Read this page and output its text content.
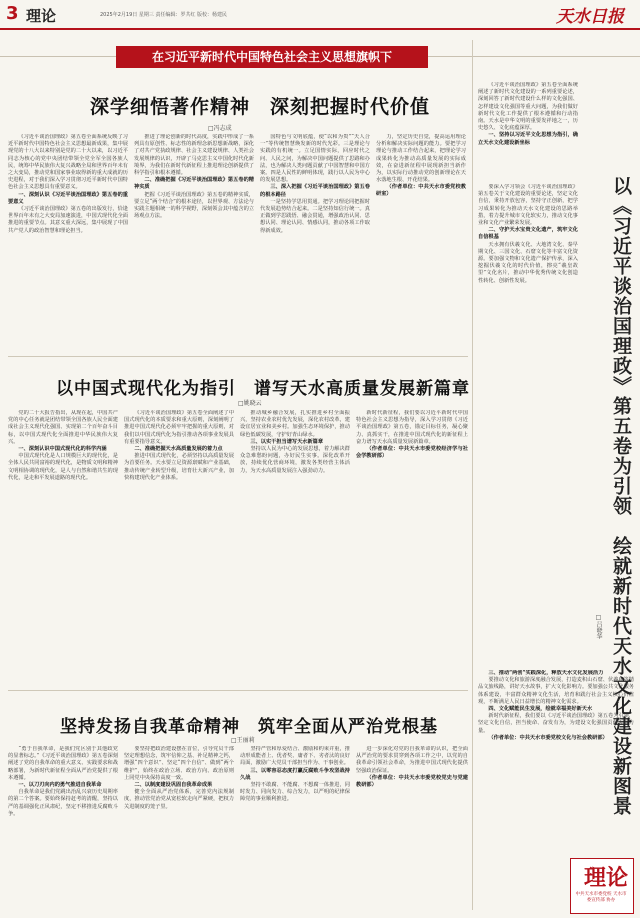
3 理论	2025年2月19日 星期三 责任编辑：罗共红 版校：杨建民	天水日报
在习近平新时代中国特色社会主义思想旗帜下
深学细悟著作精神　深刻把握时代价值
□冯志成

《习近平谈治国理政》第五卷全面系统反映了习近平新时代中国特色社会主义思想最新成果，集中展现党的十八大以来特别是党的二十大以来，以习近平同志为核心的党中央团结带领全党全军全国各族人民，统筹中华民族伟大复兴战略全局和世界百年未有之大变局，推动党和国家事业取得新的重大成就的历史进程，对于我们深入学习贯彻习近平新时代中国特色社会主义思想具有重要意义。

一、深刻认识《习近平谈治国理政》第五卷的重要意义

《习近平谈治国理政》第五卷的出版发行，恰逢世界百年未有之大变局加速演进，中国式现代化全面推进的重要节点。其意义重大深远，集中展现了中国共产党人的政治智慧和理论担当。

推进了理论创新的时代高度，实践中形成了一系列具有原创性、标志性的新理念新思想新战略，深化了对共产党执政规律、社会主义建设规律、人类社会发展规律的认识，开辟了马克思主义中国化时代化新境界，为我们在新时代新征程上推进理论创新提供了科学指引和根本遵循。

二、准确把握《习近平谈治国理政》第五卷的精神实质

把握《习近平谈治国理政》第五卷的精神实质，要立足“两个结合”的根本途径，以世界观、方法论与实践主题相统一的科学视野，深刻领会其中蕴含的立场观点方法。

国特色与文明底蕴，使“以和为贵”“天人合一”等传统智慧焕发新的时代光彩。三是理论与实践的有机统一。立足国情实际，回应时代之问、人民之问，为解决中国问题提供了思路和办法，也为解决人类问题贡献了中国智慧和中国方案。四是人民性的鲜明体现，践行以人民为中心的发展思想。

三、深入把握《习近平谈治国理政》第五卷的根本路径

一是坚持学思用贯通。把学习理论同把握时代发展趋势结合起来。二是坚持知信行统一。真正做到学思践悟、融会贯通，增强政治认同、思想认同、理论认同、情感认同，推动各项工作取得新成效。

力，坚定历史自觉，提高运用理论分析和解决实际问题的能力。要把学习理论与推动工作结合起来，把理论学习成果转化为推动高质量发展的实际成效，在奋进新征程中展现新担当新作为，以实际行动推动党的创新理论在天水落地生根、开花结果。

（作者单位：中共天水市委党校教研室）

以中国式现代化为指引　谱写天水高质量发展新篇章
□姚晓云

党的二十大报告指出，从现在起，中国共产党的中心任务就是团结带领全国各族人民全面建成社会主义现代化强国、实现第二个百年奋斗目标，以中国式现代化全面推进中华民族伟大复兴。

一、深刻认识中国式现代化的科学内涵

中国式现代化是人口规模巨大的现代化，是全体人民共同富裕的现代化，是物质文明和精神文明相协调的现代化，是人与自然和谐共生的现代化，是走和平发展道路的现代化。

《习近平谈治国理政》第五卷全面阐述了中国式现代化的本质要求和重大原则，深刻阐明了推进中国式现代化必须牢牢把握的重大原则，对我们以中国式现代化为指引推动各项事业发展具有重要指导意义。

二、准确把握天水高质量发展的着力点

推进中国式现代化，必须坚持以高质量发展为首要任务。天水要立足资源禀赋和产业基础，推动传统产业转型升级，培育壮大新兴产业，加快构建现代化产业体系。

推动城乡融合发展，扎实推进乡村全面振兴，坚持农业农村优先发展，深化农村改革，建设宜居宜业和美乡村。加强生态环境保护，推动绿色低碳发展，守护好青山绿水。

三、以实干担当谱写天水新篇章

坚持以人民为中心的发展思想，着力解决群众急难愁盼问题，办好民生实事。深化改革开放，持续优化营商环境，激发各类经营主体活力，为天水高质量发展注入强劲动力。

新时代新征程，我们要以习近平新时代中国特色社会主义思想为指导，深入学习贯彻《习近平谈治国理政》第五卷，锚定目标任务，凝心聚力、真抓实干，在推进中国式现代化的新征程上奋力谱写天水高质量发展新篇章。

（作者单位：中共天水市委党校经济学与社会学教研部）

坚持发扬自我革命精神　筑牢全面从严治党根基
□王丽莉

“勇于自我革命，是我们党区别于其他政党的显著标志。”《习近平谈治国理政》第五卷深刻阐述了党的自我革命的重大意义、实践要求和战略部署，为新时代新征程全面从严治党提供了根本遵循。

一、以刀刃向内的勇气推进自我革命

自我革命是我们党跳出治乱兴衰历史周期率的第二个答案。要始终保持赶考的清醒，坚持以严的基调强化正风肃纪，坚定不移推进反腐败斗争。

要坚持把政治建设摆在首位，引导党员干部坚定理想信念，筑牢信仰之基、补足精神之钙，增强“四个意识”、坚定“四个自信”、做到“两个维护”，始终在政治立场、政治方向、政治原则上同党中央保持高度一致。

二、以制度建设巩固自我革命成果

健全全面从严治党体系，完善党内法规制度，推动管党治党从宽松软走向严紧硬，把权力关进制度的笼子里。

坚持严管和厚爱结合、激励和约束并重，推动形成能者上、优者奖、庸者下、劣者汰的良好局面，激励广大党员干部担当作为、干事创业。

三、以零容忍态度打赢反腐败斗争攻坚战持久战

坚持不敢腐、不能腐、不想腐一体推进，同时发力、同向发力、综合发力，以严明的纪律保障党的事业顺利推进。

进一步深化对党的自我革命的认识，把全面从严治党的要求贯穿到各项工作之中，以党的自我革命引领社会革命，为推进中国式现代化提供坚强政治保证。

（作者单位：中共天水市委党校党史与党建教研部）

《习近平谈治国理政》第五卷全面系统阐述了新时代文化建设的一系列重要论述，深刻回答了新时代建设什么样的文化强国、怎样建设文化强国等重大问题，为我们做好新时代文化工作提供了根本遵循和行动指南。天水是中华文明的重要发祥地之一，历史悠久、文化底蕴深厚。

一、坚持以习近平文化思想为指引，确立天水文化建设新坐标

以《习近平谈治国理政》第五卷为引领　绘就新时代天水文化建设新图景
□吕晓华

要深入学习领会《习近平谈治国理政》第五卷关于文化建设的重要论述，坚定文化自信，秉持开放包容，坚持守正创新，把学习成果转化为推动天水文化建设的思路举措，着力提升城市文化软实力，推动文化事业和文化产业繁荣发展。

二、守护天水宝贵文化遗产，筑牢文化自信根基

天水拥有伏羲文化、大地湾文化、秦早期文化、三国文化、石窟文化等丰富文化资源。要加强文物和文化遗产保护传承，深入挖掘伏羲文化的时代价值，擦亮“羲皇故里”文化名片，推动中华优秀传统文化创造性转化、创新性发展。

三、推动“两创”实践深化，释放天水文化发展活力

要推动文化和旅游深度融合发展，打造麦积山石窟、伏羲庙等精品文旅线路，讲好天水故事，扩大文化影响力。要加强公共文化服务体系建设，丰富群众精神文化生活，培育和践行社会主义核心价值观，不断满足人民日益增长的精神文化需求。

四、文化赋能民生发展，绘就幸福美好新天水

新时代新征程，我们要以《习近平谈治国理政》第五卷为引领，坚定文化自信，担当使命、奋发有为，为建设文化强国贡献天水力量。

（作者单位：中共天水市委党校文化与社会教研部）

理论
中共天水市委党校 天水市委宣传部 协办
